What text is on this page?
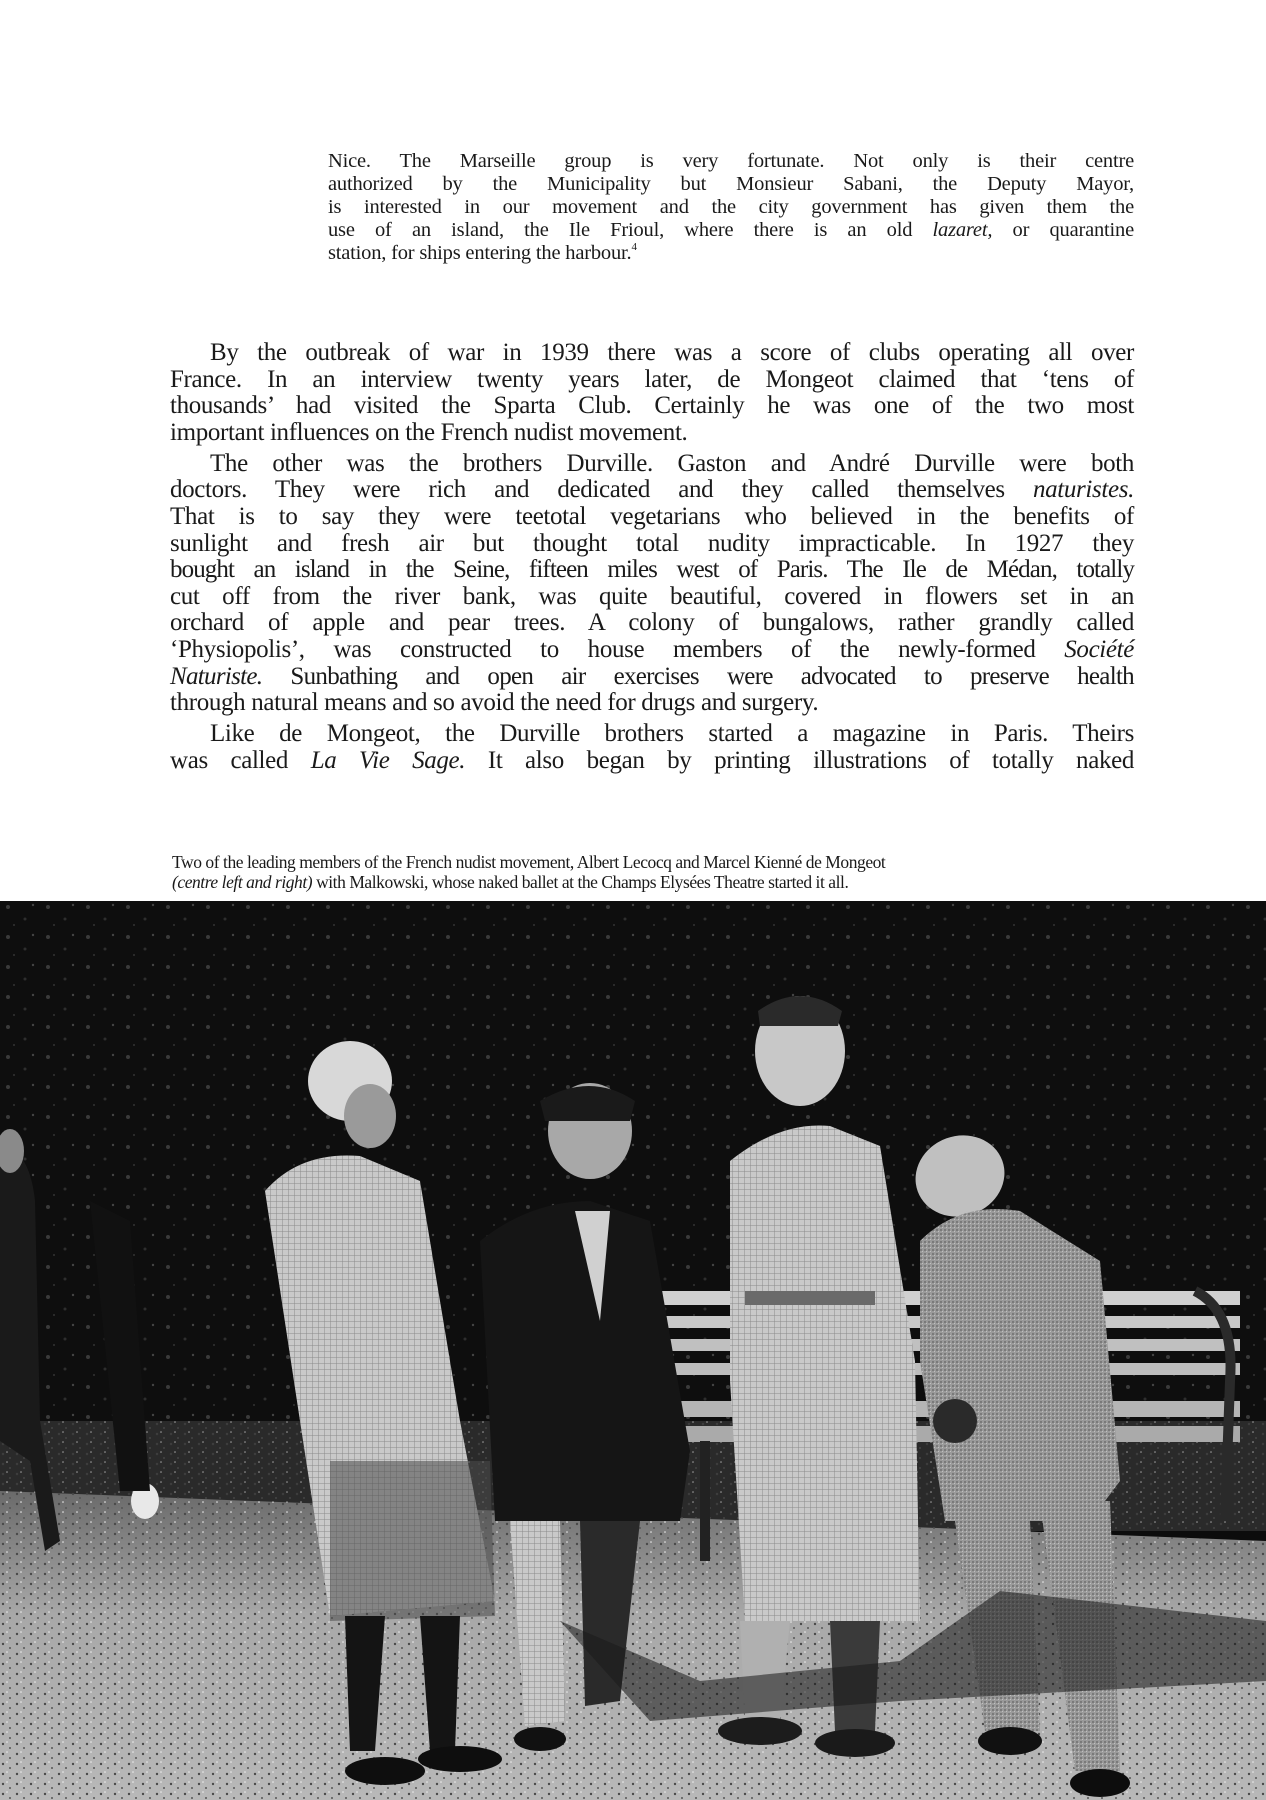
Nice. The Marseille group is very fortunate. Not only is their centre
authorized by the Municipality but Monsieur Sabani, the Deputy Mayor,
is interested in our movement and the city government has given them the
use of an island, the Ile Frioul, where there is an old lazaret, or quarantine
station, for ships entering the harbour.$^4$

By the outbreak of war in 1939 there was a score of clubs operating all over
France. In an interview twenty years later, de Mongeot claimed that ‘tens of
thousands’ had visited the Sparta Club. Certainly he was one of the two most
important influences on the French nudist movement.

The other was the brothers Durville. Gaston and André Durville were both
doctors. They were rich and dedicated and they called themselves naturistes.
That is to say they were teetotal vegetarians who believed in the benefits of
sunlight and fresh air but thought total nudity impracticable. In 1927 they
bought an island in the Seine, fifteen miles west of Paris. The Ile de Médan, totally
cut off from the river bank, was quite beautiful, covered in flowers set in an
orchard of apple and pear trees. A colony of bungalows, rather grandly called
‘Physiopolis’, was constructed to house members of the newly-formed Société
Naturiste. Sunbathing and open air exercises were advocated to preserve health
through natural means and so avoid the need for drugs and surgery.

Like de Mongeot, the Durville brothers started a magazine in Paris. Theirs
was called La Vie Sage. It also began by printing illustrations of totally naked

Two of the leading members of the French nudist movement, Albert Lecocq and Marcel Kienné de Mongeot
(centre left and right) with Malkowski, whose naked ballet at the Champs Elysées Theatre started it all.
